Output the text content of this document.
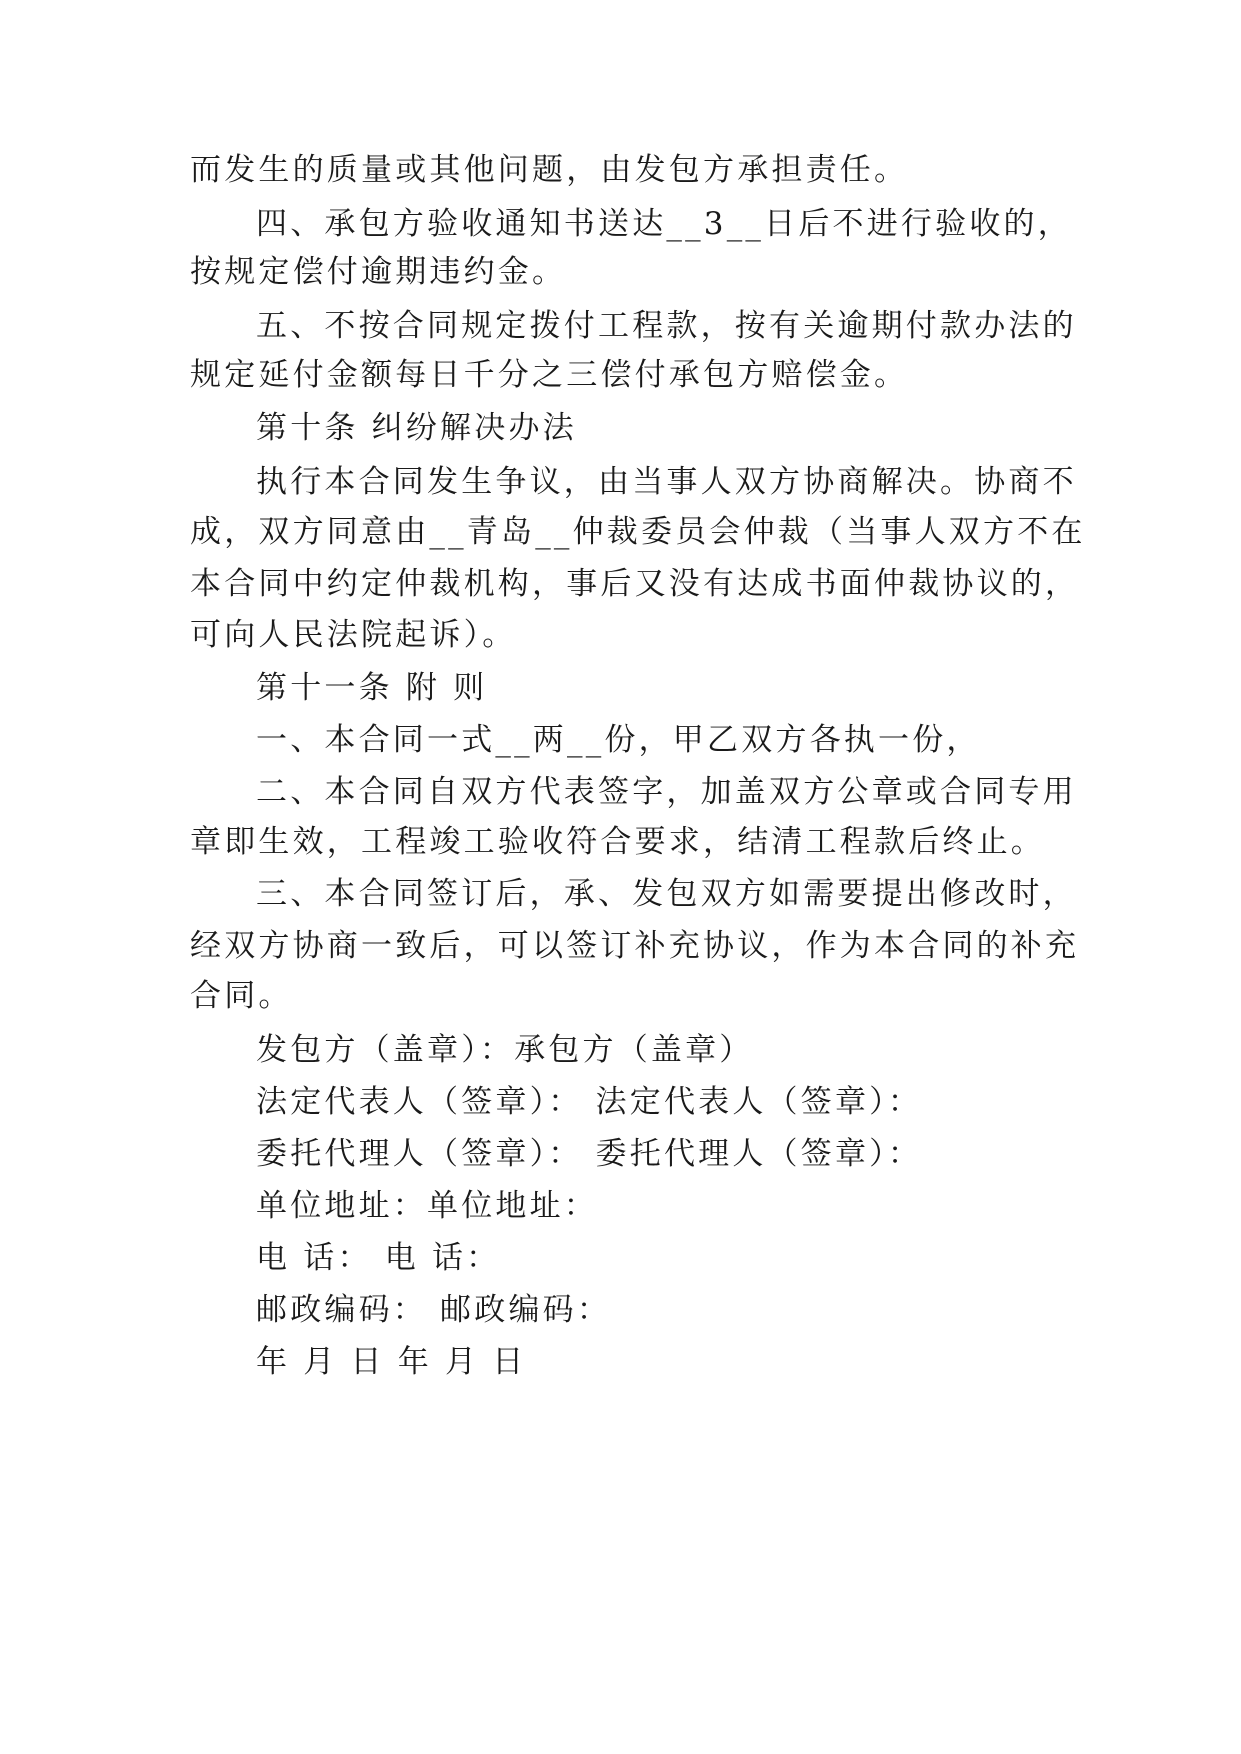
而发生的质量或其他问题，由发包方承担责任。
四、承包方验收通知书送达__3__日后不进行验收的，
按规定偿付逾期违约金。
五、不按合同规定拨付工程款，按有关逾期付款办法的
规定延付金额每日千分之三偿付承包方赔偿金。
第十条 纠纷解决办法
执行本合同发生争议，由当事人双方协商解决。协商不
成，双方同意由__青岛__仲裁委员会仲裁（当事人双方不在
本合同中约定仲裁机构，事后又没有达成书面仲裁协议的，
可向人民法院起诉）。
第十一条 附 则
一、本合同一式__两__份，甲乙双方各执一份，
二、本合同自双方代表签字，加盖双方公章或合同专用
章即生效，工程竣工验收符合要求，结清工程款后终止。
三、本合同签订后，承、发包双方如需要提出修改时，
经双方协商一致后，可以签订补充协议，作为本合同的补充
合同。
发包方（盖章）：承包方（盖章）
法定代表人（签章）： 法定代表人（签章）：
委托代理人（签章）： 委托代理人（签章）：
单位地址：单位地址：
电 话： 电 话：
邮政编码： 邮政编码：
年 月 日 年 月 日
